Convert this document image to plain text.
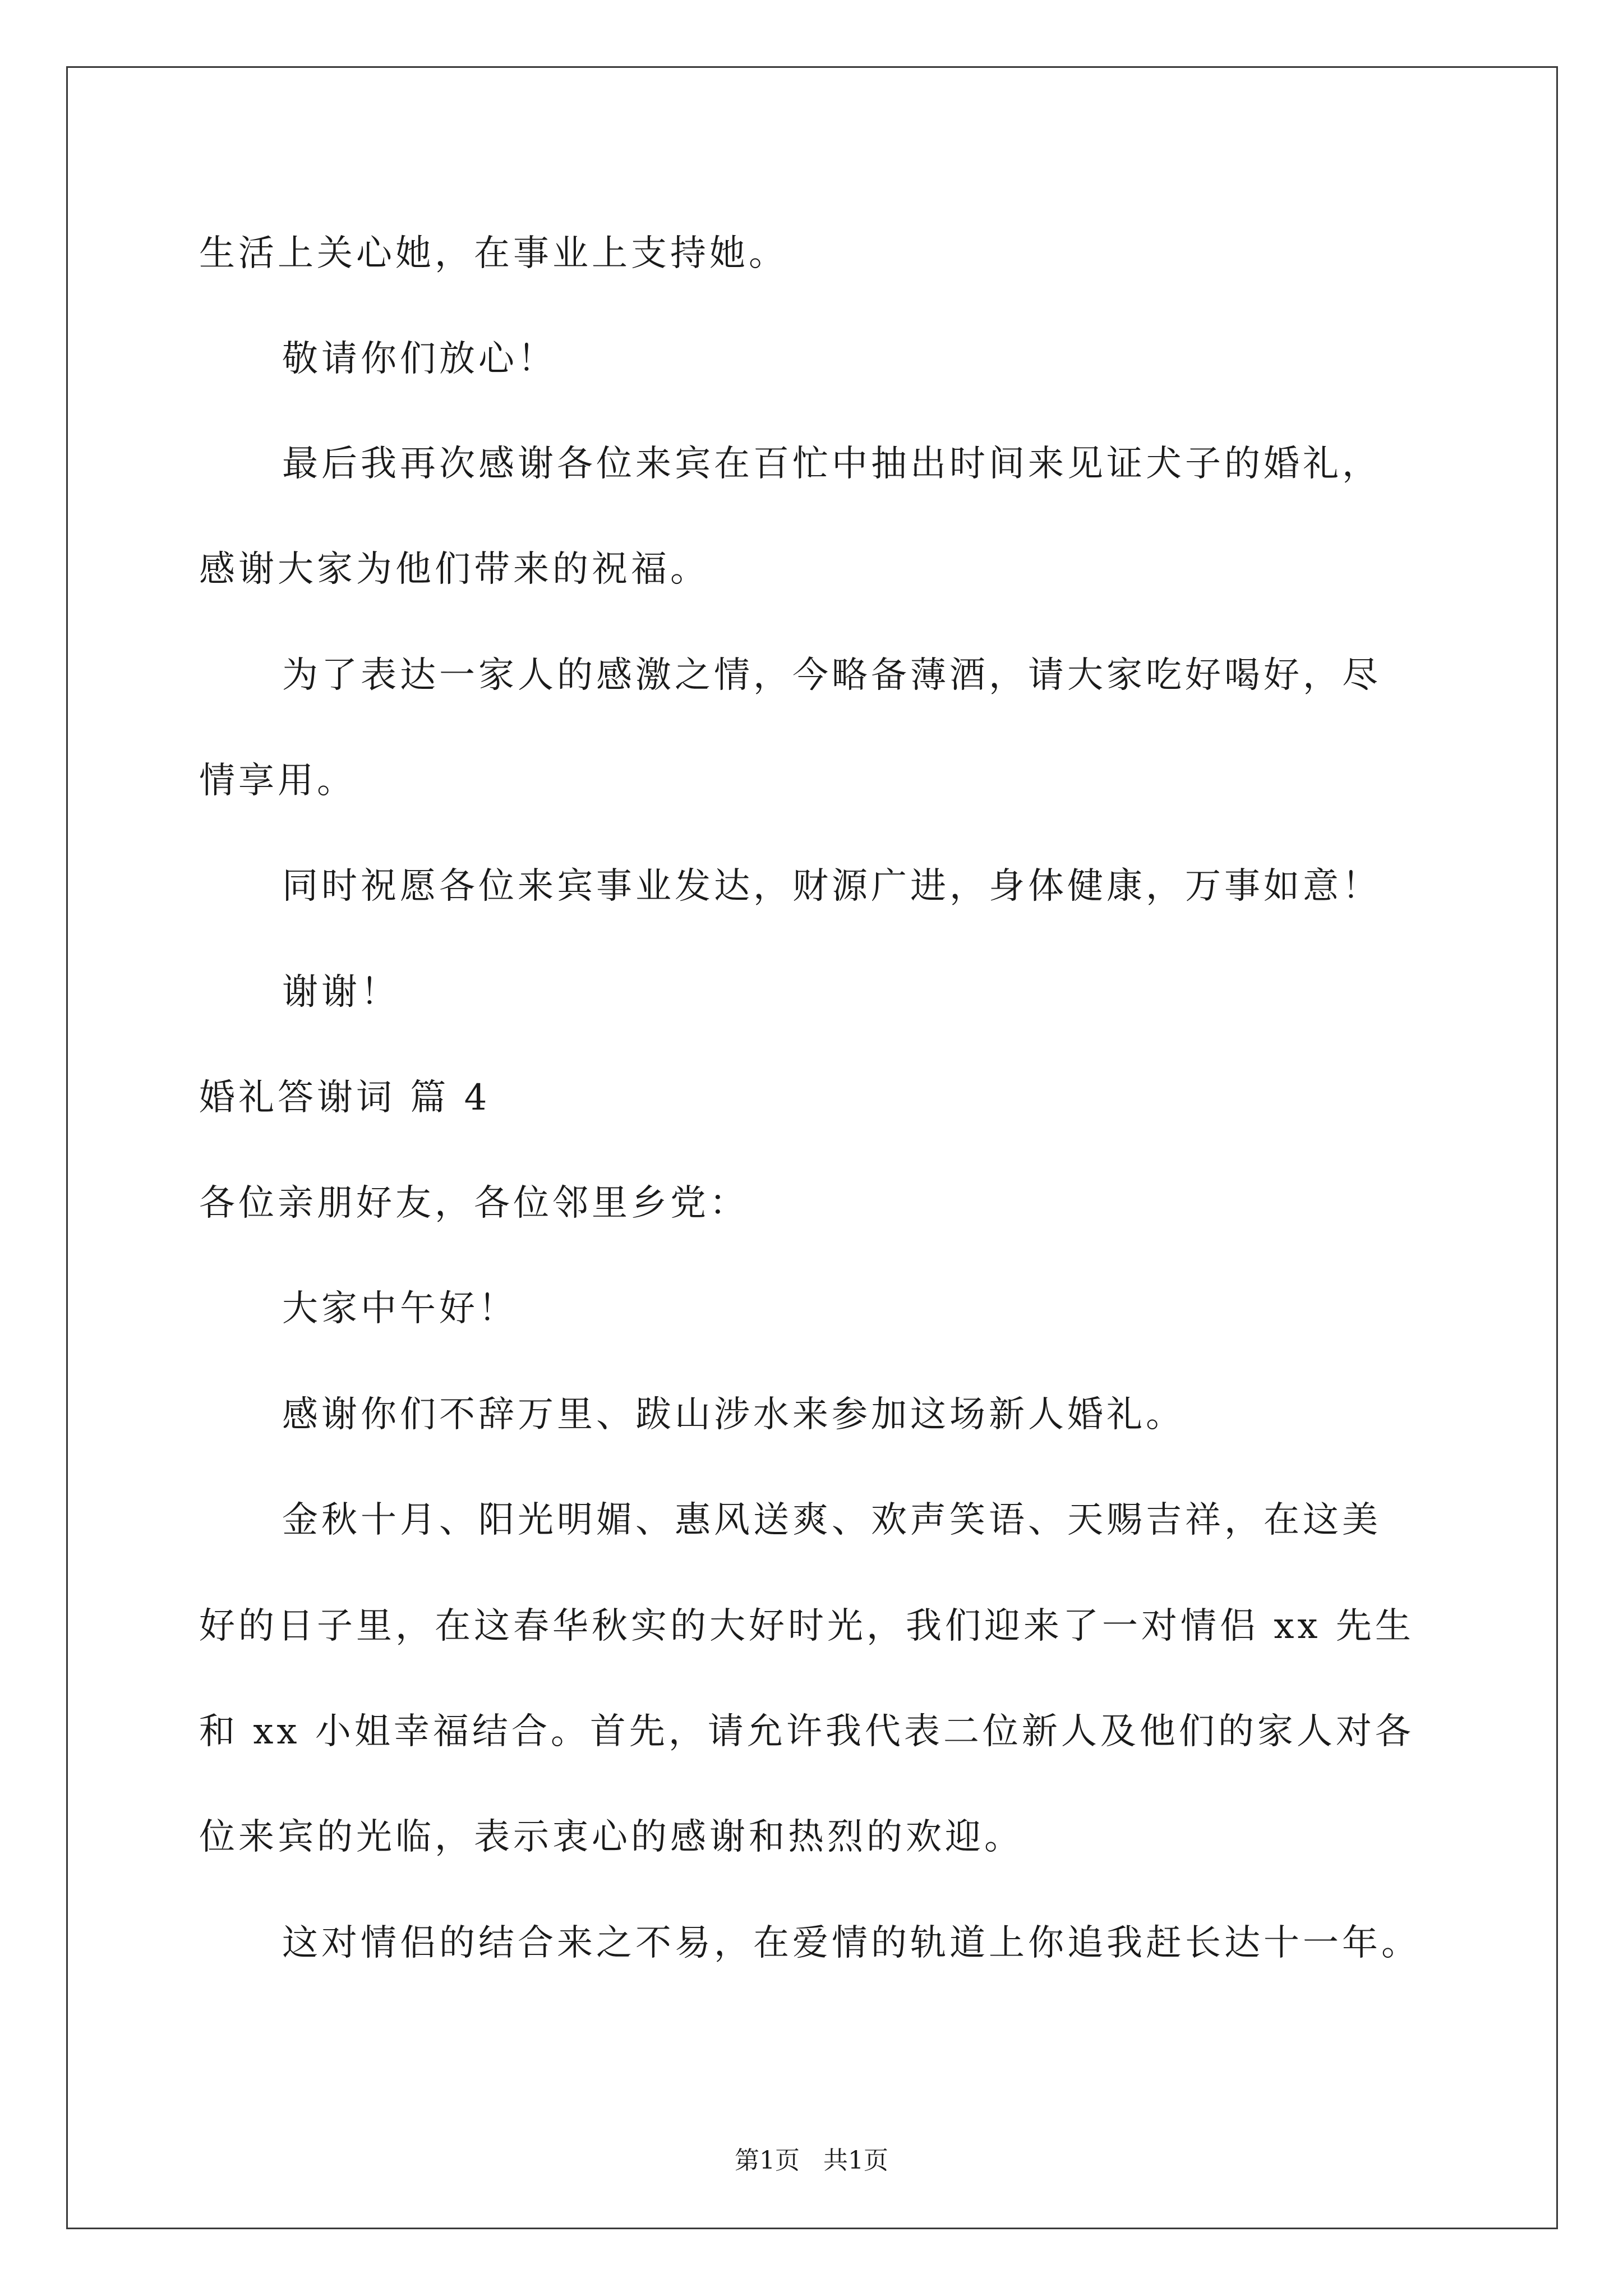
生活上关心她，在事业上支持她。
敬请你们放心！
最后我再次感谢各位来宾在百忙中抽出时间来见证犬子的婚礼，
感谢大家为他们带来的祝福。
为了表达一家人的感激之情，今略备薄酒，请大家吃好喝好，尽
情享用。
同时祝愿各位来宾事业发达，财源广进，身体健康，万事如意！
谢谢！
婚礼答谢词 篇 4
各位亲朋好友，各位邻里乡党：
大家中午好！
感谢你们不辞万里、跋山涉水来参加这场新人婚礼。
金秋十月、阳光明媚、惠风送爽、欢声笑语、天赐吉祥，在这美
好的日子里，在这春华秋实的大好时光，我们迎来了一对情侣 xx 先生
和 xx 小姐幸福结合。首先，请允许我代表二位新人及他们的家人对各
位来宾的光临，表示衷心的感谢和热烈的欢迎。
这对情侣的结合来之不易，在爱情的轨道上你追我赶长达十一年。
第1页   共1页
